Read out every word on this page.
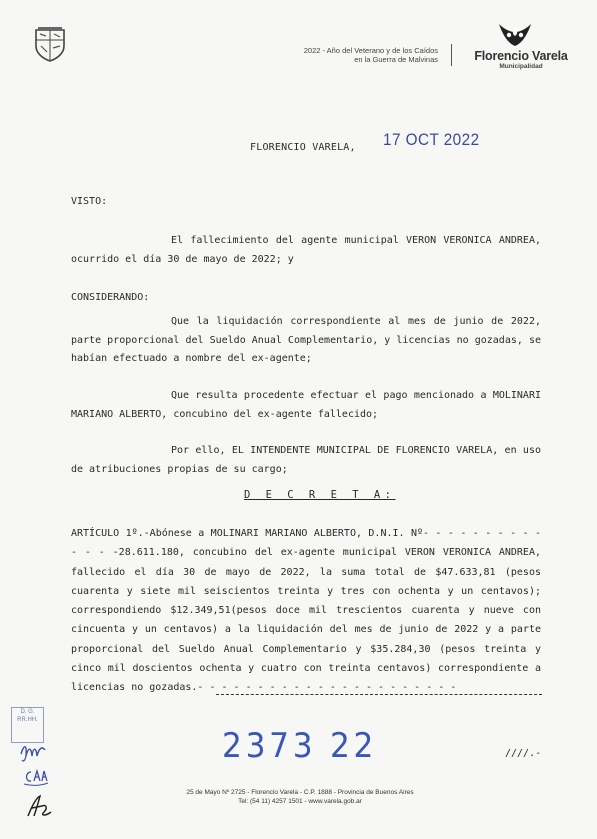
2022 - Año del Veterano y de los Caídos
en la Guerra de Malvinas	Florencio Varela
Municipalidad
FLORENCIO VARELA, 17 OCT 2022
VISTO:
El fallecimiento del agente municipal VERON VERONICA ANDREA, ocurrido el día 30 de mayo de 2022; y
CONSIDERANDO:
Que la liquidación correspondiente al mes de junio de 2022, parte proporcional del Sueldo Anual Complementario, y licencias no gozadas, se habían efectuado a nombre del ex-agente;
Que resulta procedente efectuar el pago mencionado a MOLINARI MARIANO ALBERTO, concubino del ex-agente fallecido;
Por ello, EL INTENDENTE MUNICIPAL DE FLORENCIO VARELA, en uso de atribuciones propias de su cargo;
D E C R E T A:
ARTÍCULO 1º.-Abónese a MOLINARI MARIANO ALBERTO, D.N.I. Nº- - - - - - - - - - - - - -28.611.180, concubino del ex-agente municipal VERON VERONICA ANDREA, fallecido el día 30 de mayo de 2022, la suma total de $47.633,81 (pesos cuarenta y siete mil seiscientos treinta y tres con ochenta y un centavos); correspondiendo $12.349,51(pesos doce mil trescientos cuarenta y nueve con cincuenta y un centavos) a la liquidación del mes de junio de 2022 y a parte proporcional del Sueldo Anual Complementario y $35.284,30 (pesos treinta y cinco mil doscientos ochenta y cuatro con treinta centavos) correspondiente a licencias no gozadas.- - - - - - - - - - - - - - - - - - - - - -
2373 22	////.-
25 de Mayo Nº 2725 - Florencio Varela - C.P. 1888 - Provincia de Buenos Aires
Tel: (54 11) 4257 1501 - www.varela.gob.ar
D. G.
RR.HH.
